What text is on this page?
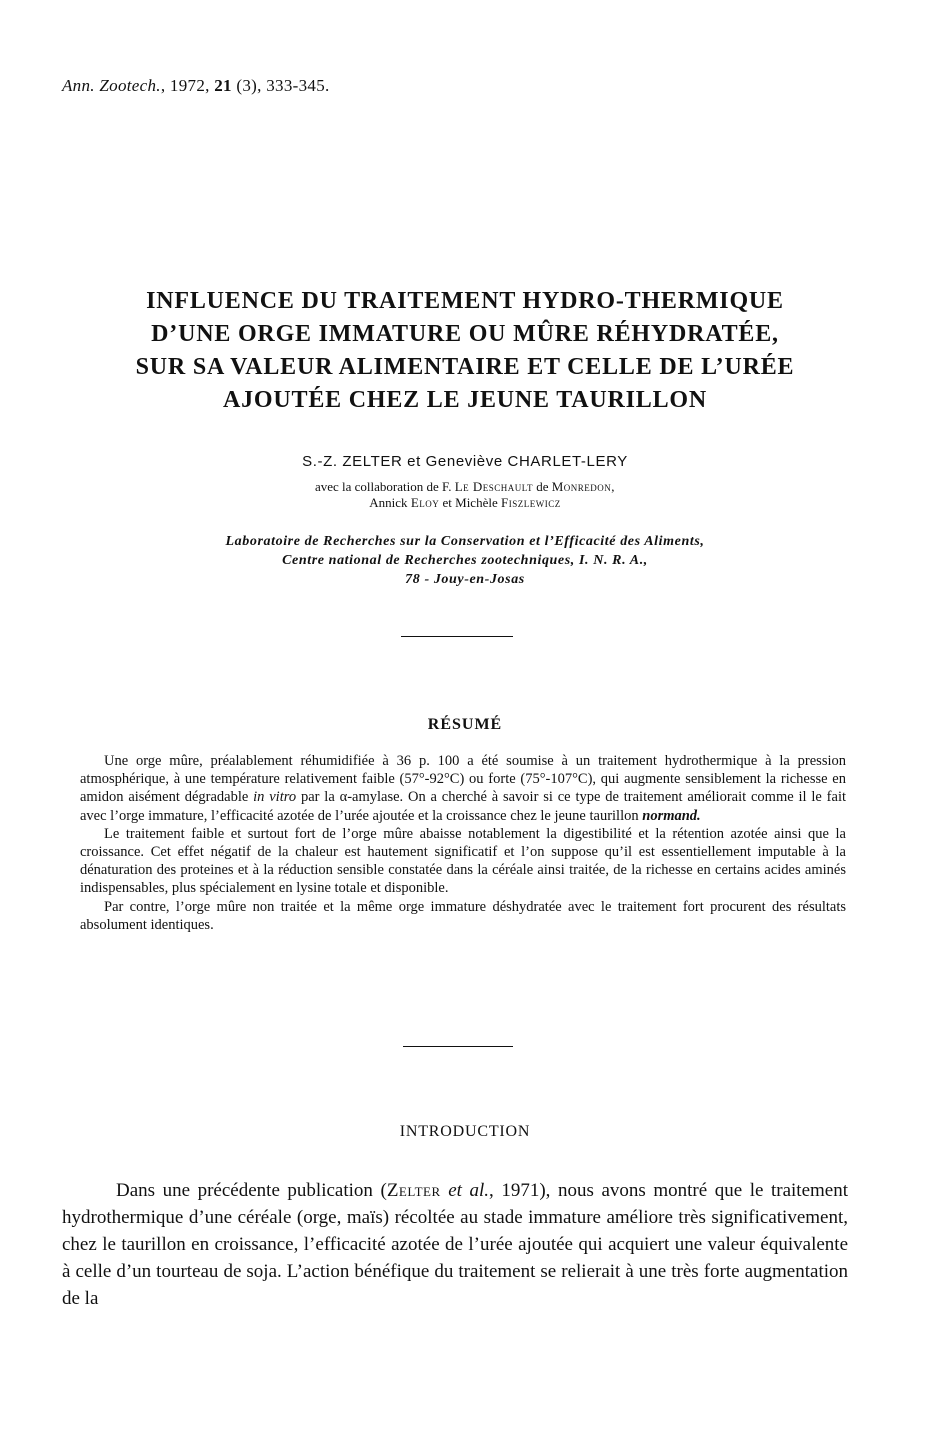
Ann. Zootech., 1972, 21 (3), 333-345.
INFLUENCE DU TRAITEMENT HYDRO-THERMIQUE
D’UNE ORGE IMMATURE OU MÛRE RÉHYDRATÉE,
SUR SA VALEUR ALIMENTAIRE ET CELLE DE L’URÉE
AJOUTÉE CHEZ LE JEUNE TAURILLON
S.-Z. ZELTER et Geneviève CHARLET-LERY
avec la collaboration de F. Le Deschault de Monredon,
Annick Eloy et Michèle Fiszlewicz
Laboratoire de Recherches sur la Conservation et l’Efficacité des Aliments,
Centre national de Recherches zootechniques, I. N. R. A.,
78 - Jouy-en-Josas
RÉSUMÉ

Une orge mûre, préalablement réhumidifiée à 36 p. 100 a été soumise à un traitement hydrothermique à la pression atmosphérique, à une température relativement faible (57°-92°C) ou forte (75°-107°C), qui augmente sensiblement la richesse en amidon aisément dégradable in vitro par la α-amylase. On a cherché à savoir si ce type de traitement améliorait comme il le fait avec l’orge immature, l’efficacité azotée de l’urée ajoutée et la croissance chez le jeune taurillon normand.

Le traitement faible et surtout fort de l’orge mûre abaisse notablement la digestibilité et la rétention azotée ainsi que la croissance. Cet effet négatif de la chaleur est hautement significatif et l’on suppose qu’il est essentiellement imputable à la dénaturation des proteines et à la réduction sensible constatée dans la céréale ainsi traitée, de la richesse en certains acides aminés indispensables, plus spécialement en lysine totale et disponible.

Par contre, l’orge mûre non traitée et la même orge immature déshydratée avec le traitement fort procurent des résultats absolument identiques.

INTRODUCTION

Dans une précédente publication (Zelter et al., 1971), nous avons montré que le traitement hydrothermique d’une céréale (orge, maïs) récoltée au stade immature améliore très significativement, chez le taurillon en croissance, l’efficacité azotée de l’urée ajoutée qui acquiert une valeur équivalente à celle d’un tourteau de soja. L’action bénéfique du traitement se relierait à une très forte augmentation de la
